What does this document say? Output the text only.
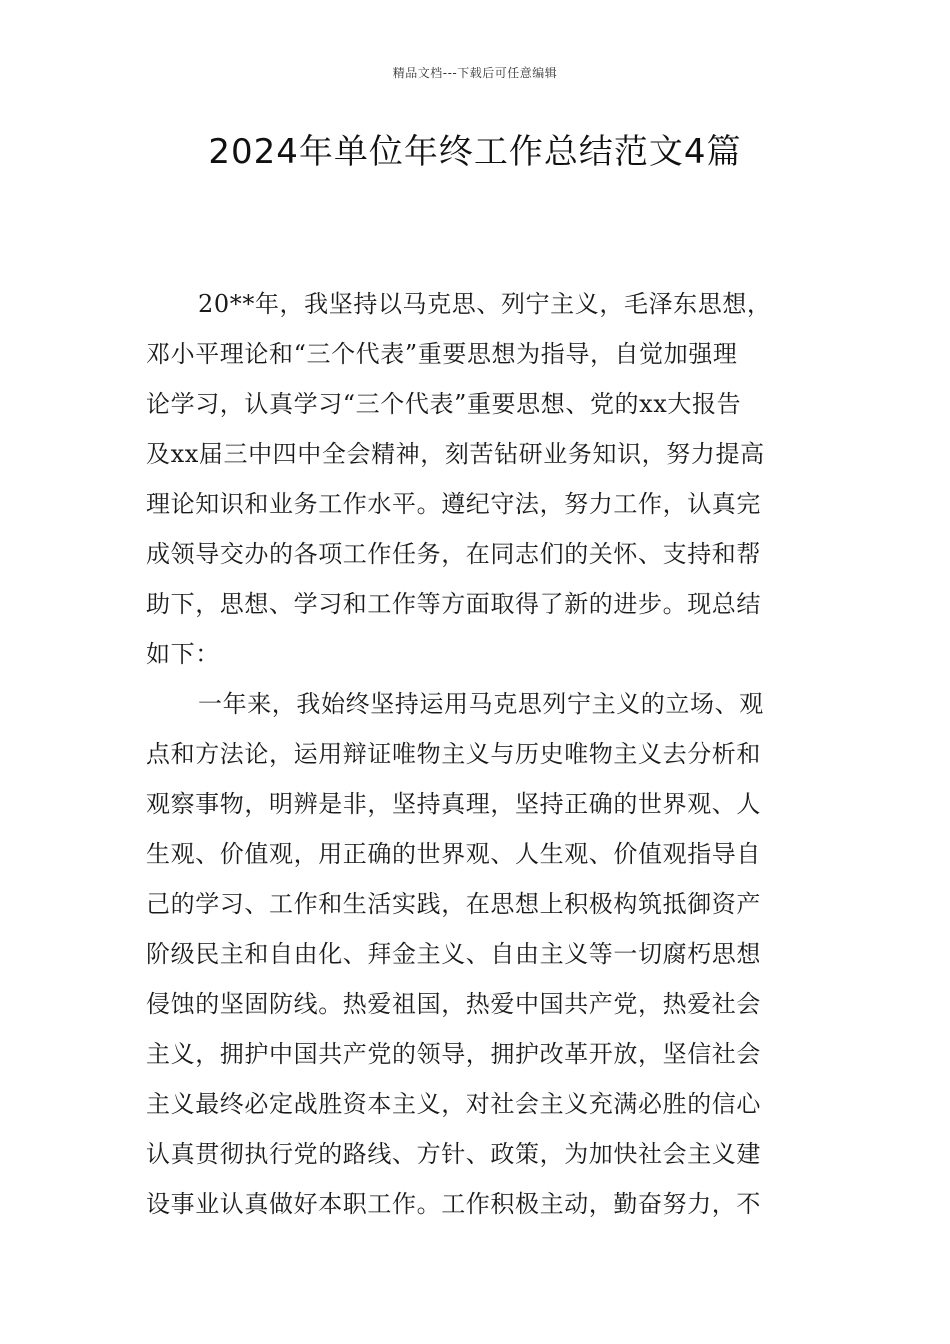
精品文档---下载后可任意编辑
2024年单位年终工作总结范文4篇
20**年，我坚持以马克思、列宁主义，毛泽东思想，
邓小平理论和“三个代表”重要思想为指导，自觉加强理
论学习，认真学习“三个代表”重要思想、党的xx大报告
及xx届三中四中全会精神，刻苦钻研业务知识，努力提高
理论知识和业务工作水平。遵纪守法，努力工作，认真完
成领导交办的各项工作任务，在同志们的关怀、支持和帮
助下，思想、学习和工作等方面取得了新的进步。现总结
如下：
一年来，我始终坚持运用马克思列宁主义的立场、观
点和方法论，运用辩证唯物主义与历史唯物主义去分析和
观察事物，明辨是非，坚持真理，坚持正确的世界观、人
生观、价值观，用正确的世界观、人生观、价值观指导自
己的学习、工作和生活实践，在思想上积极构筑抵御资产
阶级民主和自由化、拜金主义、自由主义等一切腐朽思想
侵蚀的坚固防线。热爱祖国，热爱中国共产党，热爱社会
主义，拥护中国共产党的领导，拥护改革开放，坚信社会
主义最终必定战胜资本主义，对社会主义充满必胜的信心
认真贯彻执行党的路线、方针、政策，为加快社会主义建
设事业认真做好本职工作。工作积极主动，勤奋努力，不
